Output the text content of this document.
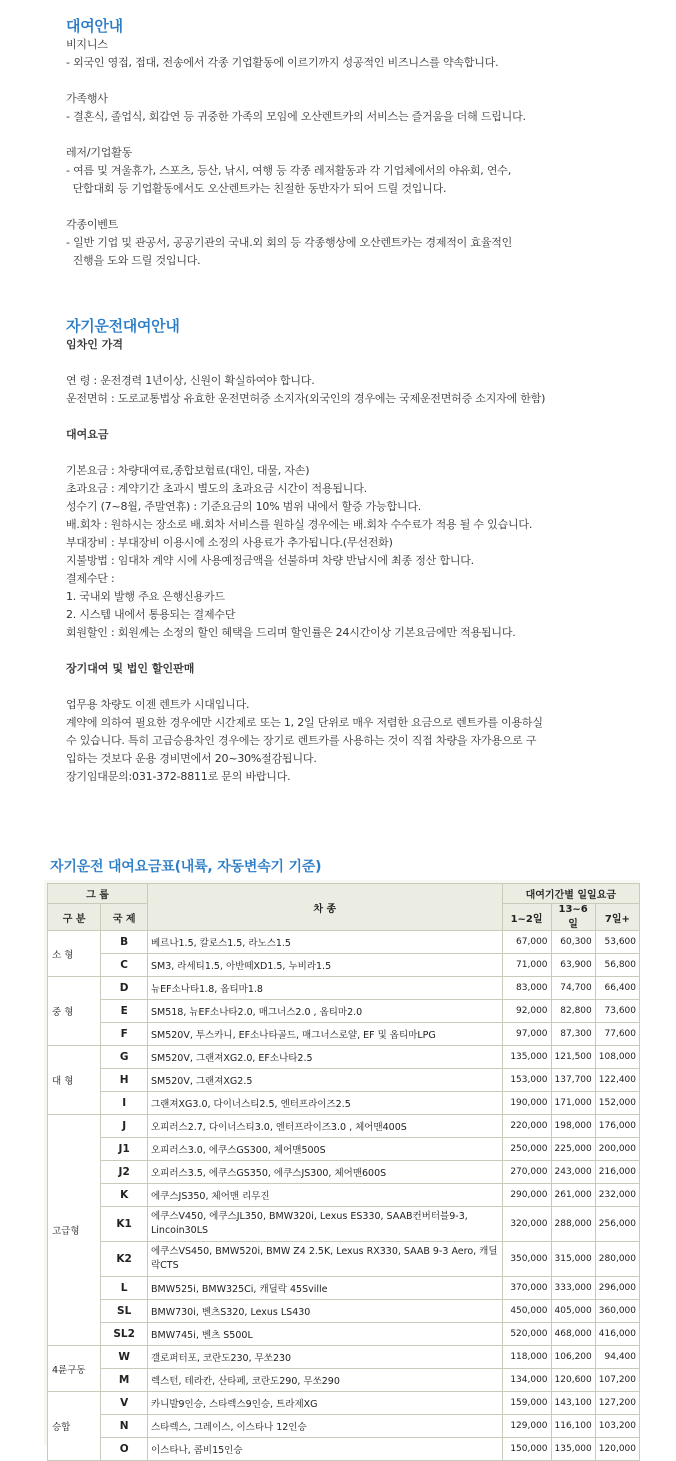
대여안내

비지니스

- 외국인 영접, 접대, 전송에서 각종 기업활동에 이르기까지 성공적인 비즈니스를 약속합니다.

가족행사

- 결혼식, 졸업식, 회갑연 등 귀중한 가족의 모임에 오산렌트카의 서비스는 즐거움을 더해 드립니다.

레저/기업활동

- 여름 및 겨울휴가, 스포츠, 등산, 낚시, 여행 등 각종 레저활동과 각 기업체에서의 야유회, 연수,

단합대회 등 기업활동에서도 오산렌트카는 친절한 동반자가 되어 드릴 것입니다.

각종이벤트

- 일반 기업 및 관공서, 공공기관의 국내.외 회의 등 각종행상에 오산렌트카는 경제적이 효율적인

진행을 도와 드릴 것입니다.

자기운전대여안내
임차인 가격

연 령 : 운전경력 1년이상, 신원이 확실하여야 합니다.

운전면허 : 도로교통법상 유효한 운전면허증 소지자(외국인의 경우에는 국제운전면허증 소지자에 한함)

대여요금

기본요금 : 차량대여료,종합보험료(대인, 대물, 자손)

초과요금 : 계약기간 초과시 별도의 초과요금 시간이 적용됩니다.

성수기 (7~8월, 주말연휴) : 기준요금의 10% 범위 내에서 할증 가능합니다.

배.회차 : 원하시는 장소로 배.회차 서비스를 원하실 경우에는 배.회차 수수료가 적용 될 수 있습니다.

부대장비 : 부대장비 이용시에 소정의 사용료가 추가됩니다.(무선전화)

지불방법 : 임대차 계약 시에 사용예정금액을 선불하며 차량 반납시에 최종 정산 합니다.

결제수단 :

1. 국내외 발행 주요 은행신용카드

2. 시스템 내에서 통용되는 결제수단

회원할인 : 회원께는 소정의 할인 혜택을 드리며 할인률은 24시간이상 기본요금에만 적용됩니다.

장기대여 및 법인 할인판매

업무용 차량도 이젠 렌트카 시대입니다.

계약에 의하여 필요한 경우에만 시간제로 또는 1, 2일 단위로 매우 저렴한 요금으로 렌트카를 이용하실

수 있습니다. 특히 고급승용차인 경우에는 장기로 렌트카를 사용하는 것이 직접 차량을 자가용으로 구

입하는 것보다 운용 경비면에서 20~30%절감됩니다.

장기임대문의:031-372-8811로 문의 바랍니다.

자기운전 대여요금표(내륙, 자동변속기 기준)
그 룹		차 종	대여기간별 일일요금		
구 분	국 제		1~2일	13~6일	7일+
소 형	B	베르나1.5, 칼로스1.5, 라노스1.5	67,000	60,300	53,600
	C	SM3, 라세티1.5, 아반떼XD1.5, 누비라1.5	71,000	63,900	56,800
중 형	D	뉴EF소나타1.8, 옵티마1.8	83,000	74,700	66,400
	E	SM518, 뉴EF소나타2.0, 매그너스2.0 , 옵티마2.0	92,000	82,800	73,600
	F	SM520V, 투스카니, EF소나타골드, 매그너스로얄, EF 및 옵티마LPG	97,000	87,300	77,600
대 형	G	SM520V, 그랜져XG2.0, EF소나타2.5	135,000	121,500	108,000
	H	SM520V, 그랜져XG2.5	153,000	137,700	122,400
	I	그랜져XG3.0, 다이너스티2.5, 엔터프라이즈2.5	190,000	171,000	152,000
고급형	J	오피러스2.7, 다이너스티3.0, 엔터프라이즈3.0 , 체어맨400S	220,000	198,000	176,000
	J1	오피러스3.0, 에쿠스GS300, 체어맨500S	250,000	225,000	200,000
	J2	오피러스3.5, 에쿠스GS350, 에쿠스JS300, 체어맨600S	270,000	243,000	216,000
	K	에쿠스JS350, 체어맨 리무진	290,000	261,000	232,000
	K1	에쿠스V450, 에쿠스JL350, BMW320i, Lexus ES330, SAAB컨버터블9-3, Lincoin30LS	320,000	288,000	256,000
	K2	에쿠스VS450, BMW520i, BMW Z4 2.5K, Lexus RX330, SAAB 9-3 Aero, 캐딜락CTS	350,000	315,000	280,000
	L	BMW525i, BMW325Ci, 캐딜락 45Sville	370,000	333,000	296,000
	SL	BMW730i, 벤츠S320, Lexus LS430	450,000	405,000	360,000
	SL2	BMW745i, 벤츠 S500L	520,000	468,000	416,000
4륜구동	W	갤로퍼터포, 코란도230, 무쏘230	118,000	106,200	94,400
	M	렉스턴, 테라칸, 산타페, 코란도290, 무쏘290	134,000	120,600	107,200
승합	V	카니발9인승, 스타렉스9인승, 트라제XG	159,000	143,100	127,200
	N	스타렉스, 그레이스, 이스타나 12인승	129,000	116,100	103,200
	O	이스타나, 콤비15인승	150,000	135,000	120,000
